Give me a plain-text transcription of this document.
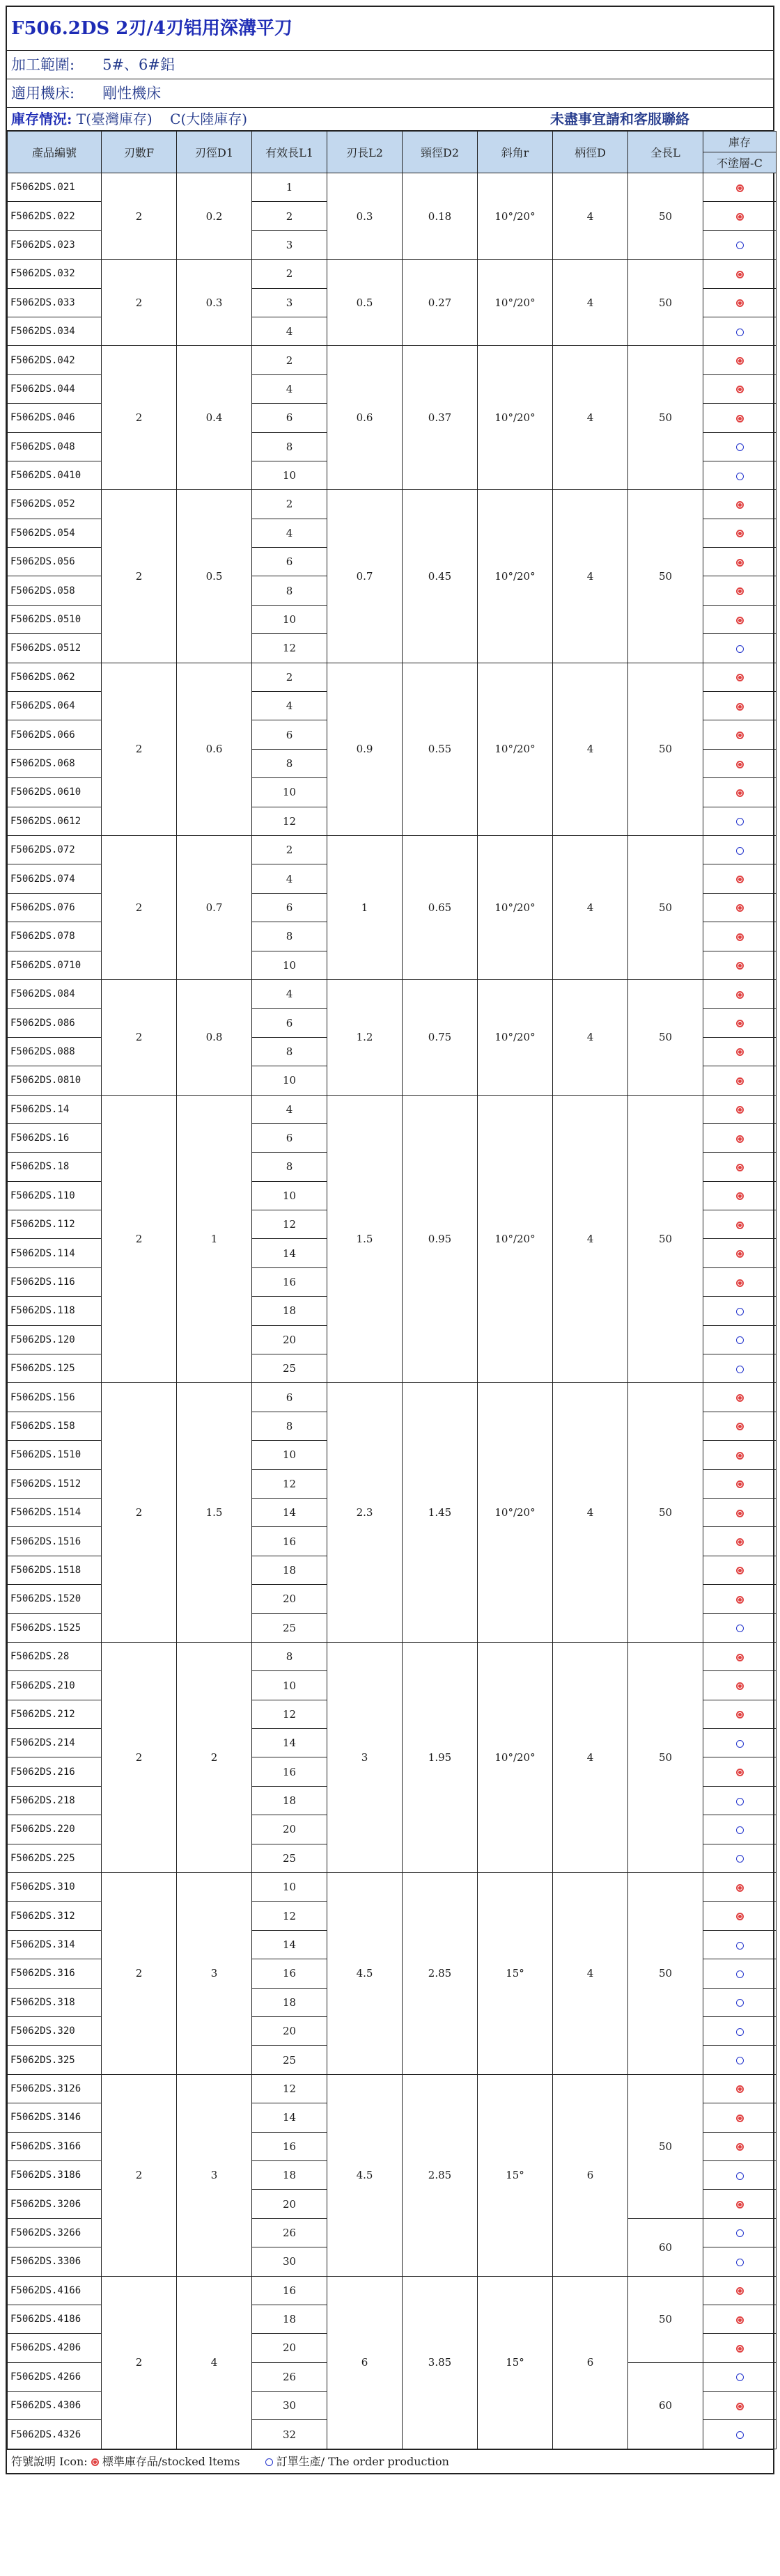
F506.2DS 2刃/4刃铝用深溝平刀
加工範圍: 5#、6#鋁
適用機床: 剛性機床
庫存情況: T(臺灣庫存) C(大陸庫存)	未盡事宜請和客服聯絡
產品編號	刃數F	刃徑D1	有效長L1	刃長L2	頸徑D2	斜角r	柄徑D	全長L	庫存
									不塗層-C
F5062DS.021	2	0.2	1	0.3	0.18	10°/20°	4	50	
F5062DS.022			2						
F5062DS.023			3						
F5062DS.032	2	0.3	2	0.5	0.27	10°/20°	4	50	
F5062DS.033			3						
F5062DS.034			4						
F5062DS.042	2	0.4	2	0.6	0.37	10°/20°	4	50	
F5062DS.044			4						
F5062DS.046			6						
F5062DS.048			8						
F5062DS.0410			10						
F5062DS.052	2	0.5	2	0.7	0.45	10°/20°	4	50	
F5062DS.054			4						
F5062DS.056			6						
F5062DS.058			8						
F5062DS.0510			10						
F5062DS.0512			12						
F5062DS.062	2	0.6	2	0.9	0.55	10°/20°	4	50	
F5062DS.064			4						
F5062DS.066			6						
F5062DS.068			8						
F5062DS.0610			10						
F5062DS.0612			12						
F5062DS.072	2	0.7	2	1	0.65	10°/20°	4	50	
F5062DS.074			4						
F5062DS.076			6						
F5062DS.078			8						
F5062DS.0710			10						
F5062DS.084	2	0.8	4	1.2	0.75	10°/20°	4	50	
F5062DS.086			6						
F5062DS.088			8						
F5062DS.0810			10						
F5062DS.14	2	1	4	1.5	0.95	10°/20°	4	50	
F5062DS.16			6						
F5062DS.18			8						
F5062DS.110			10						
F5062DS.112			12						
F5062DS.114			14						
F5062DS.116			16						
F5062DS.118			18						
F5062DS.120			20						
F5062DS.125			25						
F5062DS.156	2	1.5	6	2.3	1.45	10°/20°	4	50	
F5062DS.158			8						
F5062DS.1510			10						
F5062DS.1512			12						
F5062DS.1514			14						
F5062DS.1516			16						
F5062DS.1518			18						
F5062DS.1520			20						
F5062DS.1525			25						
F5062DS.28	2	2	8	3	1.95	10°/20°	4	50	
F5062DS.210			10						
F5062DS.212			12						
F5062DS.214			14						
F5062DS.216			16						
F5062DS.218			18						
F5062DS.220			20						
F5062DS.225			25						
F5062DS.310	2	3	10	4.5	2.85	15°	4	50	
F5062DS.312			12						
F5062DS.314			14						
F5062DS.316			16						
F5062DS.318			18						
F5062DS.320			20						
F5062DS.325			25						
F5062DS.3126	2	3	12	4.5	2.85	15°	6	50	
F5062DS.3146			14						
F5062DS.3166			16						
F5062DS.3186			18						
F5062DS.3206			20						
F5062DS.3266			26					60	
F5062DS.3306			30						
F5062DS.4166	2	4	16	6	3.85	15°	6	50	
F5062DS.4186			18						
F5062DS.4206			20						
F5062DS.4266			26					60	
F5062DS.4306			30						
F5062DS.4326			32						
符號說明 Icon: 標準庫存品/stocked ltems	訂單生產/ The order production
